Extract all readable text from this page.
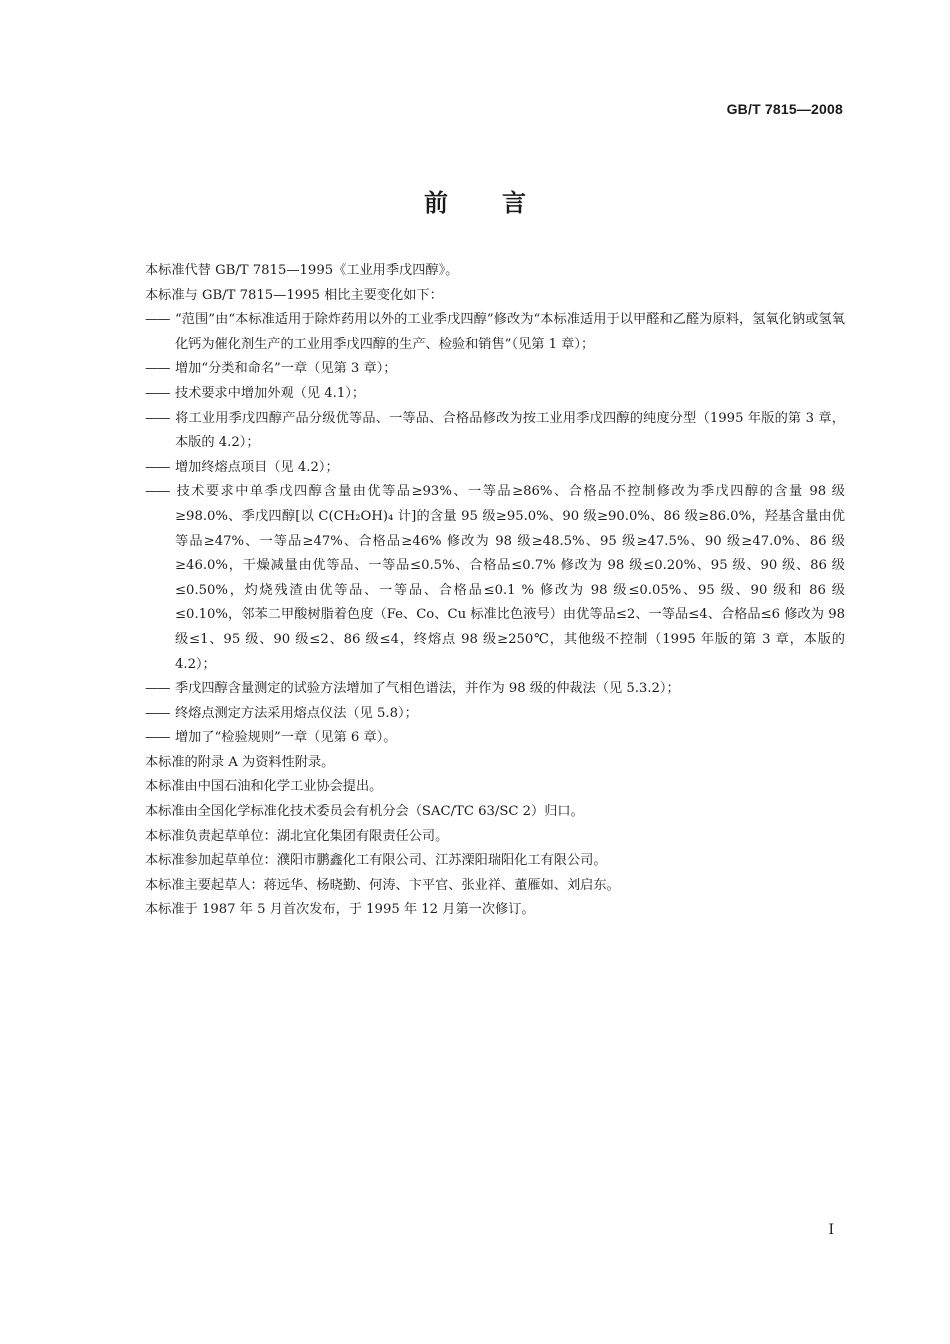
GB/T 7815—2008
前言

本标准代替 GB/T 7815—1995《工业用季戊四醇》。

本标准与 GB/T 7815—1995 相比主要变化如下：

—— “范围”由“本标准适用于除炸药用以外的工业季戊四醇”修改为“本标准适用于以甲醛和乙醛为原料，氢氧化钠或氢氧化钙为催化剂生产的工业用季戊四醇的生产、检验和销售”（见第 1 章）；

—— 增加“分类和命名”一章（见第 3 章）；

—— 技术要求中增加外观（见 4.1）；

—— 将工业用季戊四醇产品分级优等品、一等品、合格品修改为按工业用季戊四醇的纯度分型（1995 年版的第 3 章，本版的 4.2）；

—— 增加终熔点项目（见 4.2）；

—— 技术要求中单季戊四醇含量由优等品≥93%、一等品≥86%、合格品不控制修改为季戊四醇的含量 98 级≥98.0%、季戊四醇[以 C(CH₂OH)₄ 计]的含量 95 级≥95.0%、90 级≥90.0%、86 级≥86.0%，羟基含量由优等品≥47%、一等品≥47%、合格品≥46% 修改为 98 级≥48.5%、95 级≥47.5%、90 级≥47.0%、86 级≥46.0%，干燥减量由优等品、一等品≤0.5%、合格品≤0.7% 修改为 98 级≤0.20%、95 级、90 级、86 级≤0.50%，灼烧残渣由优等品、一等品、合格品≤0.1 % 修改为 98 级≤0.05%、95 级、90 级和 86 级≤0.10%，邻苯二甲酸树脂着色度（Fe、Co、Cu 标准比色液号）由优等品≤2、一等品≤4、合格品≤6 修改为 98 级≤1、95 级、90 级≤2、86 级≤4，终熔点 98 级≥250℃，其他级不控制（1995 年版的第 3 章，本版的 4.2）；

—— 季戊四醇含量测定的试验方法增加了气相色谱法，并作为 98 级的仲裁法（见 5.3.2）；

—— 终熔点测定方法采用熔点仪法（见 5.8）；

—— 增加了“检验规则”一章（见第 6 章）。

本标准的附录 A 为资料性附录。

本标准由中国石油和化学工业协会提出。

本标准由全国化学标准化技术委员会有机分会（SAC/TC 63/SC 2）归口。

本标准负责起草单位：湖北宜化集团有限责任公司。

本标准参加起草单位：濮阳市鹏鑫化工有限公司、江苏溧阳瑞阳化工有限公司。

本标准主要起草人：蒋远华、杨晓勤、何涛、卞平官、张业祥、董雁如、刘启东。

本标准于 1987 年 5 月首次发布，于 1995 年 12 月第一次修订。

I
